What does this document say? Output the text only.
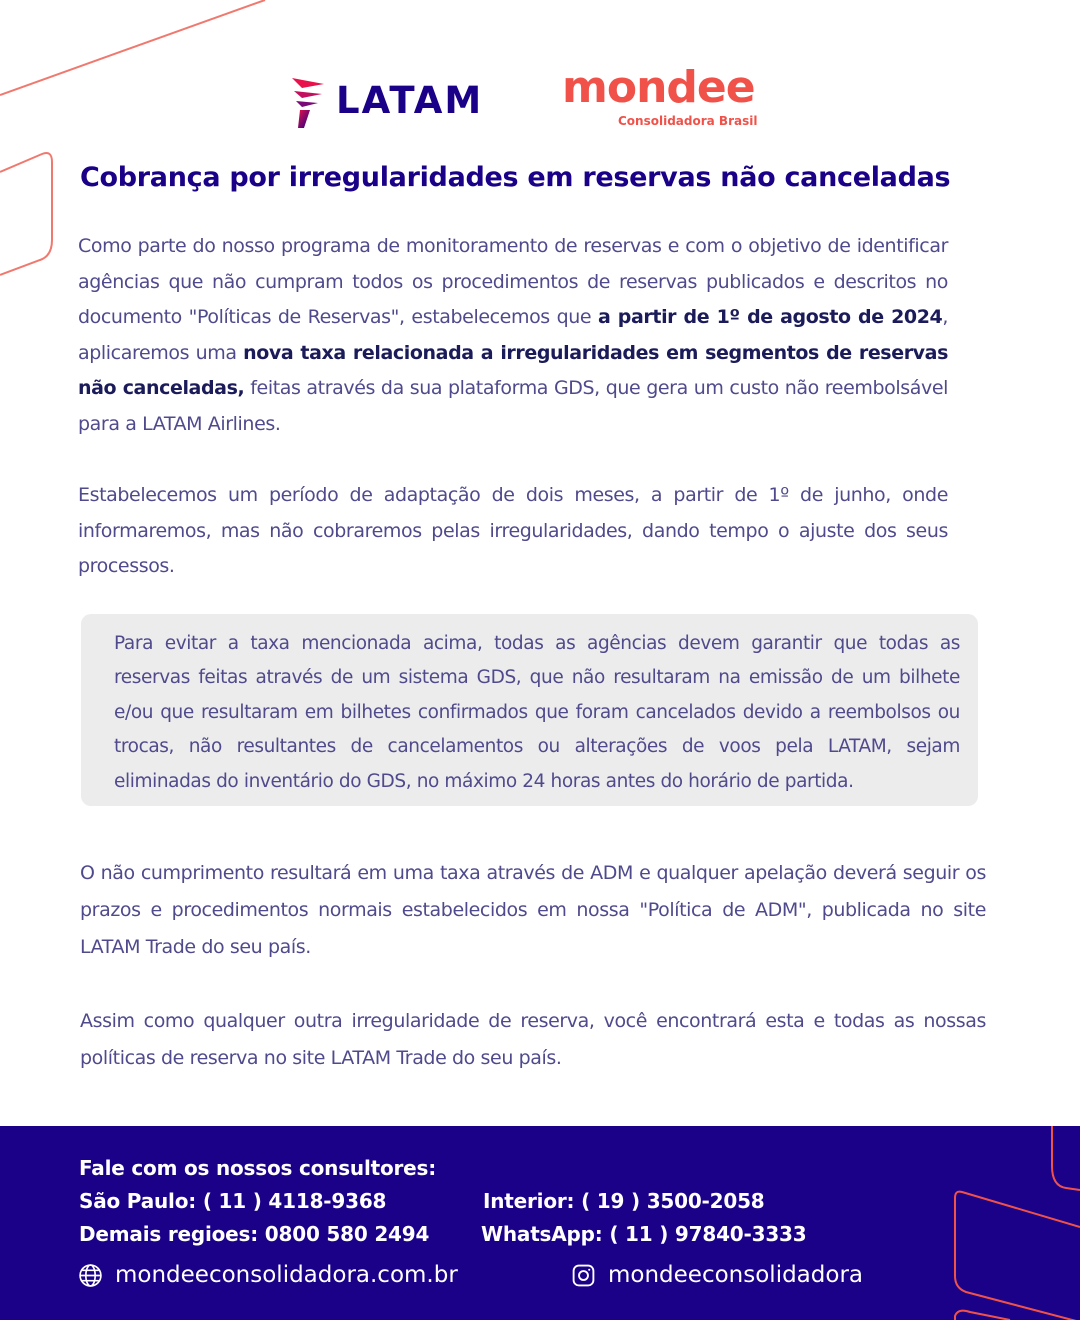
LATAM mondee
Consolidadora Brasil
Cobrança por irregularidades em reservas não canceladas

Como parte do nosso programa de monitoramento de reservas e com o objetivo de identificar agências que não cumpram todos os procedimentos de reservas publicados e descritos no documento "Políticas de Reservas", estabelecemos que a partir de 1º de agosto de 2024, aplicaremos uma nova taxa relacionada a irregularidades em segmentos de reservas não canceladas, feitas através da sua plataforma GDS, que gera um custo não reembolsável para a LATAM Airlines.

Estabelecemos um período de adaptação de dois meses, a partir de 1º de junho, onde informaremos, mas não cobraremos pelas irregularidades, dando tempo o ajuste dos seus processos.

Para evitar a taxa mencionada acima, todas as agências devem garantir que todas as reservas feitas através de um sistema GDS, que não resultaram na emissão de um bilhete e/ou que resultaram em bilhetes confirmados que foram cancelados devido a reembolsos ou trocas, não resultantes de cancelamentos ou alterações de voos pela LATAM, sejam eliminadas do inventário do GDS, no máximo 24 horas antes do horário de partida.

O não cumprimento resultará em uma taxa através de ADM e qualquer apelação deverá seguir os prazos e procedimentos normais estabelecidos em nossa "Política de ADM", publicada no site LATAM Trade do seu país.

Assim como qualquer outra irregularidade de reserva, você encontrará esta e todas as nossas políticas de reserva no site LATAM Trade do seu país.

Fale com os nossos consultores:
São Paulo: ( 11 ) 4118-9368	Interior: ( 19 ) 3500-2058
Demais regioes: 0800 580 2494	WhatsApp: ( 11 ) 97840-3333
mondeeconsolidadora.com.br	mondeeconsolidadora
